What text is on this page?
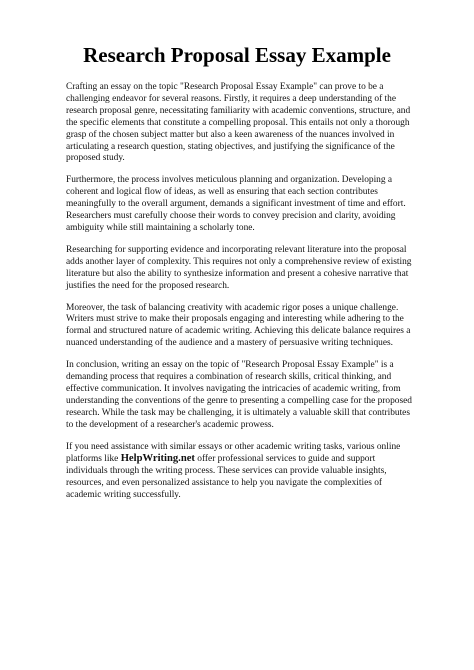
Research Proposal Essay Example

Crafting an essay on the topic "Research Proposal Essay Example" can prove to be a challenging endeavor for several reasons. Firstly, it requires a deep understanding of the research proposal genre, necessitating familiarity with academic conventions, structure, and the specific elements that constitute a compelling proposal. This entails not only a thorough grasp of the chosen subject matter but also a keen awareness of the nuances involved in articulating a research question, stating objectives, and justifying the significance of the proposed study.

Furthermore, the process involves meticulous planning and organization. Developing a coherent and logical flow of ideas, as well as ensuring that each section contributes meaningfully to the overall argument, demands a significant investment of time and effort. Researchers must carefully choose their words to convey precision and clarity, avoiding ambiguity while still maintaining a scholarly tone.

Researching for supporting evidence and incorporating relevant literature into the proposal adds another layer of complexity. This requires not only a comprehensive review of existing literature but also the ability to synthesize information and present a cohesive narrative that justifies the need for the proposed research.

Moreover, the task of balancing creativity with academic rigor poses a unique challenge. Writers must strive to make their proposals engaging and interesting while adhering to the formal and structured nature of academic writing. Achieving this delicate balance requires a nuanced understanding of the audience and a mastery of persuasive writing techniques.

In conclusion, writing an essay on the topic of "Research Proposal Essay Example" is a demanding process that requires a combination of research skills, critical thinking, and effective communication. It involves navigating the intricacies of academic writing, from understanding the conventions of the genre to presenting a compelling case for the proposed research. While the task may be challenging, it is ultimately a valuable skill that contributes to the development of a researcher's academic prowess.

If you need assistance with similar essays or other academic writing tasks, various online platforms like HelpWriting.net offer professional services to guide and support individuals through the writing process. These services can provide valuable insights, resources, and even personalized assistance to help you navigate the complexities of academic writing successfully.
